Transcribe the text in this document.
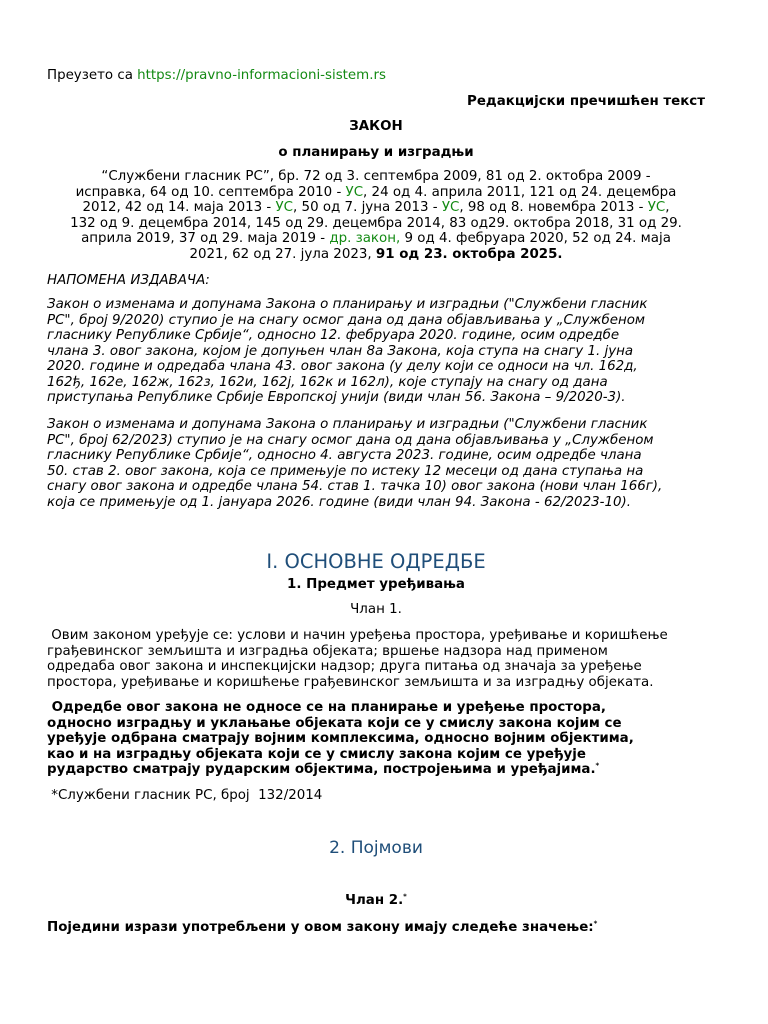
Преузето са https://pravno-informacioni-sistem.rs
Редакцијски пречишћен текст
ЗАКОН
о планирању и изградњи
“Службени гласник РС”, бр. 72 од 3. септембра 2009, 81 од 2. октобра 2009 -
исправка, 64 од 10. септембра 2010 - УС, 24 од 4. априла 2011, 121 од 24. децембра
2012, 42 од 14. маја 2013 - УС, 50 од 7. јуна 2013 - УС, 98 од 8. новембра 2013 - УС,
132 од 9. децембра 2014, 145 од 29. децембра 2014, 83 од29. октобра 2018, 31 од 29.
априла 2019, 37 од 29. маја 2019 - др. закон, 9 од 4. фебруара 2020, 52 од 24. маја
2021, 62 од 27. јула 2023, 91 од 23. октобра 2025.
НАПОМЕНА ИЗДАВАЧА:
Закон о изменама и допунама Закона о планирању и изградњи ("Службени гласник
РС", број 9/2020) ступио је на снагу осмог дана од дана објављивања у „Службеном
гласнику Републике Србије“, односно 12. фебруара 2020. године, осим одредбе
члана 3. овог закона, којом је допуњен члан 8а Закона, која ступа на снагу 1. јуна
2020. године и одредаба члана 43. овог закона (у делу који се односи на чл. 162д,
162ђ, 162е, 162ж, 162з, 162и, 162ј, 162к и 162л), које ступају на снагу од дана
приступања Републике Србије Европској унији (види члан 56. Закона – 9/2020-3).
Закон о изменама и допунама Закона о планирању и изградњи ("Службени гласник
РС", број 62/2023) ступио је на снагу осмог дана од дана објављивања у „Службеном
гласнику Републике Србије“, односно 4. августа 2023. године, осим одредбе члана
50. став 2. овог закона, која се примењује по истеку 12 месеци од дана ступања на
снагу овог закона и одредбе члана 54. став 1. тачка 10) овог закона (нови члан 166г),
која се примењује од 1. јануара 2026. године (види члан 94. Закона - 62/2023-10).
I. ОСНОВНЕ ОДРЕДБЕ
1. Предмет уређивања
Члан 1.
Овим законом уређује се: услови и начин уређења простора, уређивање и коришћење
грађевинског земљишта и изградња објеката; вршење надзора над применом
одредаба овог закона и инспекцијски надзор; друга питања од значаја за уређење
простора, уређивање и коришћење грађевинског земљишта и за изградњу објеката.
Одредбе овог закона не односе се на планирање и уређење простора,
односно изградњу и уклањање објеката који се у смислу закона којим се
уређује одбрана сматрају војним комплексима, односно војним објектима,
као и на изградњу објеката који се у смислу закона којим се уређује
рударство сматрају рударским објектима, постројењима и уређајима.*
*Службени гласник РС, број  132/2014
2. Појмови
Члан 2.*
Поједини изрази употребљени у овом закону имају следеће значење:*
